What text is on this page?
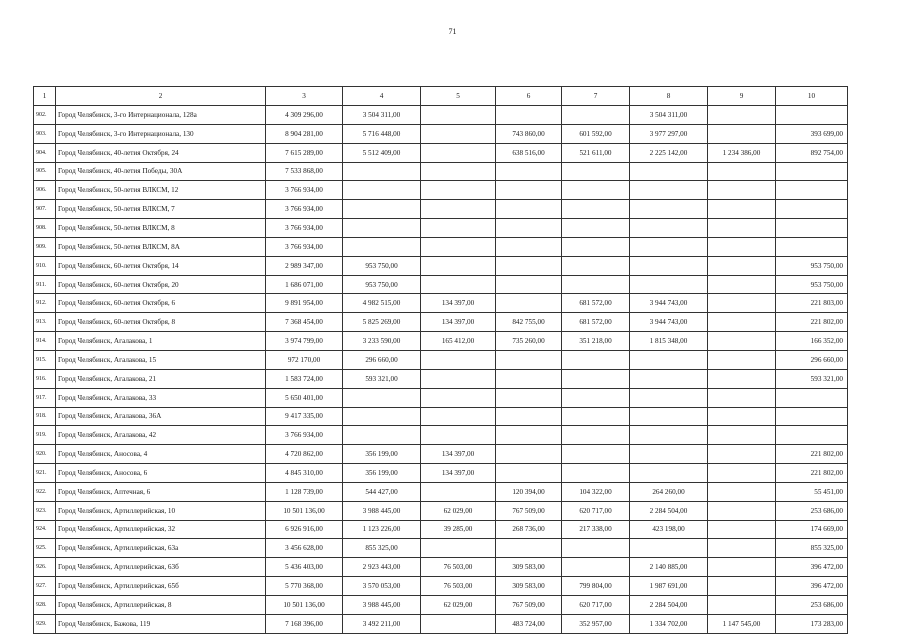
71
1	2	3	4	5	6	7	8	9	10
902.	Город Челябинск, 3-го Интернационала, 128а	4 309 296,00	3 504 311,00				3 504 311,00		
903.	Город Челябинск, 3-го Интернационала, 130	8 904 281,00	5 716 448,00		743 860,00	601 592,00	3 977 297,00		393 699,00
904.	Город Челябинск, 40-летия Октября, 24	7 615 289,00	5 512 409,00		638 516,00	521 611,00	2 225 142,00	1 234 386,00	892 754,00
905.	Город Челябинск, 40-летия Победы, 30А	7 533 868,00							
906.	Город Челябинск, 50-летия ВЛКСМ, 12	3 766 934,00							
907.	Город Челябинск, 50-летия ВЛКСМ, 7	3 766 934,00							
908.	Город Челябинск, 50-летия ВЛКСМ, 8	3 766 934,00							
909.	Город Челябинск, 50-летия ВЛКСМ, 8А	3 766 934,00							
910.	Город Челябинск, 60-летия Октября, 14	2 989 347,00	953 750,00						953 750,00
911.	Город Челябинск, 60-летия Октября, 20	1 686 071,00	953 750,00						953 750,00
912.	Город Челябинск, 60-летия Октября, 6	9 891 954,00	4 982 515,00	134 397,00		681 572,00	3 944 743,00		221 803,00
913.	Город Челябинск, 60-летия Октября, 8	7 368 454,00	5 825 269,00	134 397,00	842 755,00	681 572,00	3 944 743,00		221 802,00
914.	Город Челябинск, Агалакова, 1	3 974 799,00	3 233 590,00	165 412,00	735 260,00	351 218,00	1 815 348,00		166 352,00
915.	Город Челябинск, Агалакова, 15	972 170,00	296 660,00						296 660,00
916.	Город Челябинск, Агалакова, 21	1 583 724,00	593 321,00						593 321,00
917.	Город Челябинск, Агалакова, 33	5 650 401,00							
918.	Город Челябинск, Агалакова, 36А	9 417 335,00							
919.	Город Челябинск, Агалакова, 42	3 766 934,00							
920.	Город Челябинск, Аносова, 4	4 720 862,00	356 199,00	134 397,00					221 802,00
921.	Город Челябинск, Аносова, 6	4 845 310,00	356 199,00	134 397,00					221 802,00
922.	Город Челябинск, Аптечная, 6	1 128 739,00	544 427,00		120 394,00	104 322,00	264 260,00		55 451,00
923.	Город Челябинск, Артиллерийская, 10	10 501 136,00	3 988 445,00	62 029,00	767 509,00	620 717,00	2 284 504,00		253 686,00
924.	Город Челябинск, Артиллерийская, 32	6 926 916,00	1 123 226,00	39 285,00	268 736,00	217 338,00	423 198,00		174 669,00
925.	Город Челябинск, Артиллерийская, 63а	3 456 628,00	855 325,00						855 325,00
926.	Город Челябинск, Артиллерийская, 63б	5 436 403,00	2 923 443,00	76 503,00	309 583,00		2 140 885,00		396 472,00
927.	Город Челябинск, Артиллерийская, 65б	5 770 368,00	3 570 053,00	76 503,00	309 583,00	799 804,00	1 987 691,00		396 472,00
928.	Город Челябинск, Артиллерийская, 8	10 501 136,00	3 988 445,00	62 029,00	767 509,00	620 717,00	2 284 504,00		253 686,00
929.	Город Челябинск, Бажова, 119	7 168 396,00	3 492 211,00		483 724,00	352 957,00	1 334 702,00	1 147 545,00	173 283,00
